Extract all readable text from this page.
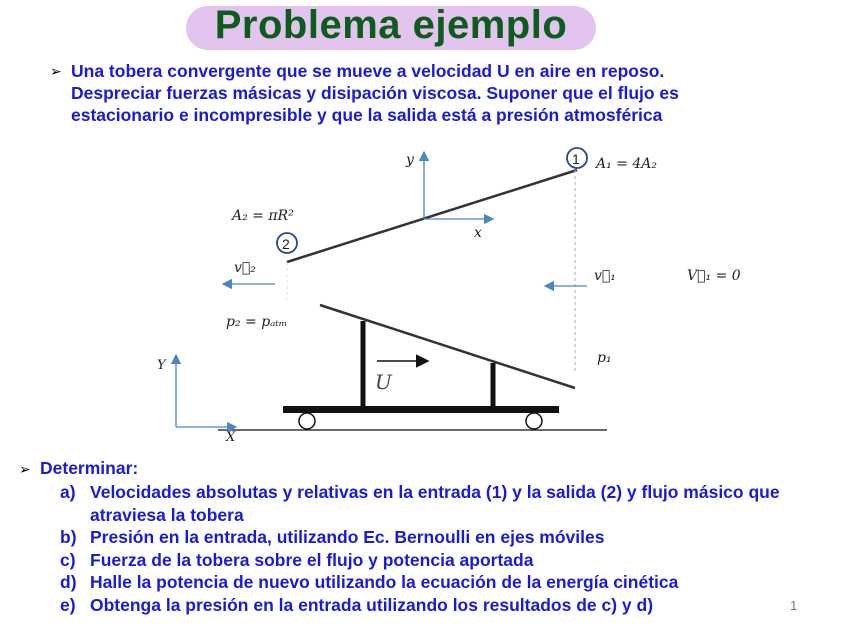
Problema ejemplo
➢ Una tobera convergente que se mueve a velocidad U en aire en reposo.
Despreciar fuerzas másicas y disipación viscosa. Suponer que el flujo es
estacionario e incompresible y que la salida está a presión atmosférica
y
x
1 A₁ = 4A₂
2
A₂ = πR²
v⃗₂	v⃗₁	V⃗₁ = 0
p₂ = pₐₜₘ
p₁
U
Y
X
➢ Determinar:
a) Velocidades absolutas y relativas en la entrada (1) y la salida (2) y flujo másico que atraviesa la tobera
b) Presión en la entrada, utilizando Ec. Bernoulli en ejes móviles
c) Fuerza de la tobera sobre el flujo y potencia aportada
d) Halle la potencia de nuevo utilizando la ecuación de la energía cinética
e) Obtenga la presión en la entrada utilizando los resultados de c) y d)	1
